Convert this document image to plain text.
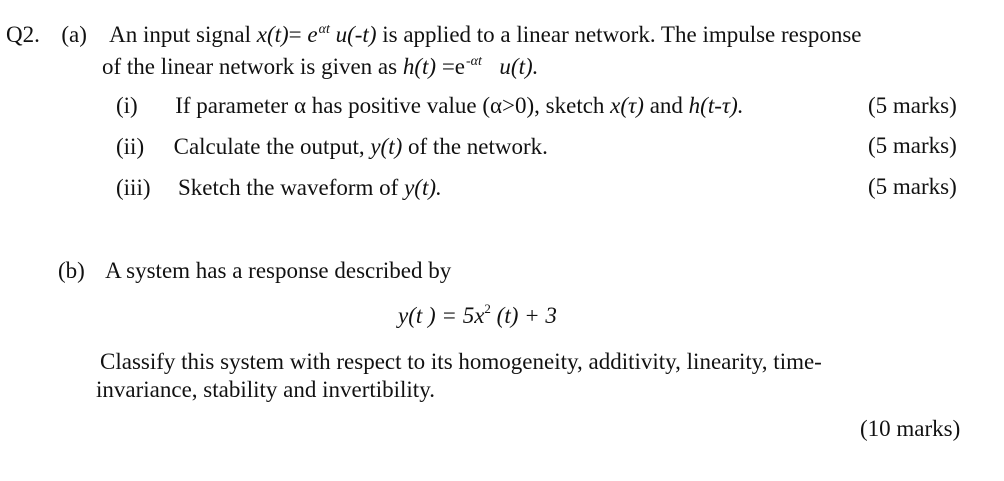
Q2. (a) An input signal $x(t)= e^{\alpha t}$ u(-t) is applied to a linear network. The impulse response
of the linear network is given as $h(t) =e^{-\alpha t}$ u(t).
(i) If parameter α has positive value (α>0), sketch x(τ) and h(t-τ).	(5 marks)
(ii) Calculate the output, y(t) of the network.	(5 marks)
(iii) Sketch the waveform of y(t).	(5 marks)
(b) A system has a response described by
y(t ) = $5x^2$ (t) + 3
Classify this system with respect to its homogeneity, additivity, linearity, time-
invariance, stability and invertibility.
(10 marks)
